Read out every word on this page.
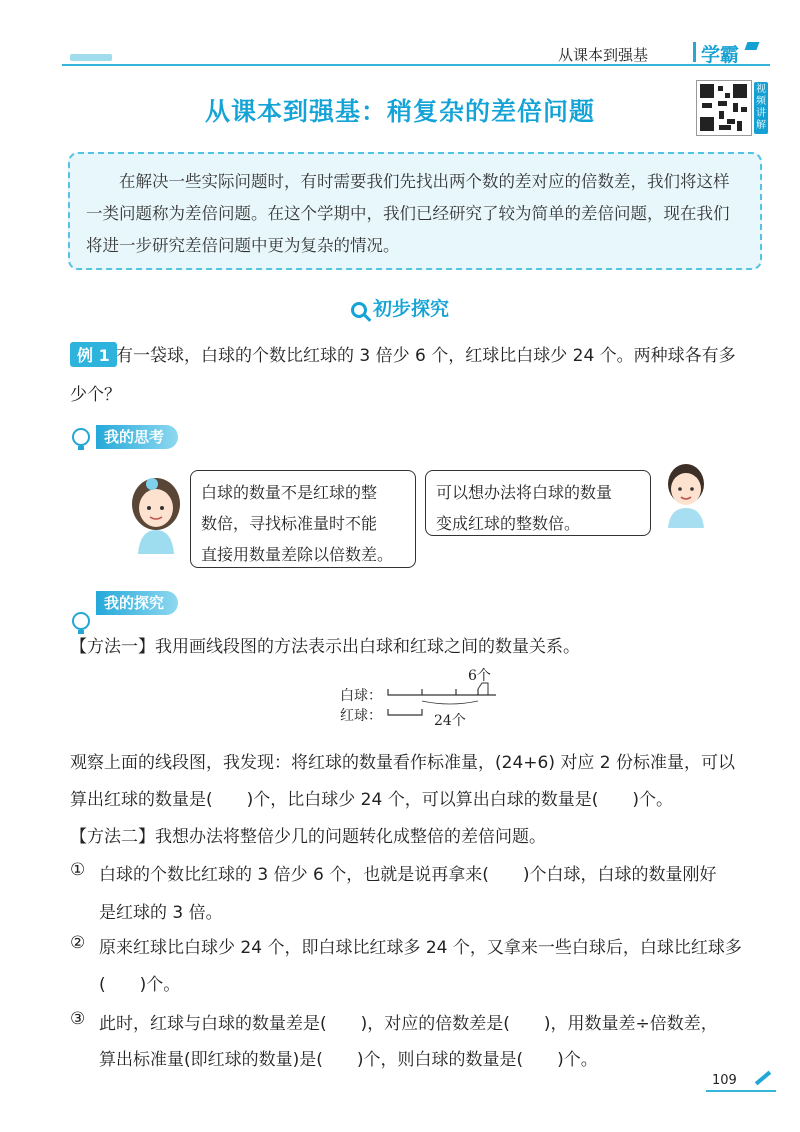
从课本到强基	学霸
从课本到强基：稍复杂的差倍问题
视频讲解

在解决一些实际问题时，有时需要我们先找出两个数的差对应的倍数差，我们将这样一类问题称为差倍问题。在这个学期中，我们已经研究了较为简单的差倍问题，现在我们将进一步研究差倍问题中更为复杂的情况。

初步探究
例 1 有一袋球，白球的个数比红球的 3 倍少 6 个，红球比白球少 24 个。两种球各有多
少个？
我的思考

白球的数量不是红球的整
数倍，寻找标准量时不能
直接用数量差除以倍数差。

可以想办法将白球的数量
变成红球的整数倍。

我的探究
【方法一】我用画线段图的方法表示出白球和红球之间的数量关系。
白球：
红球：
6个
24个
观察上面的线段图，我发现：将红球的数量看作标准量，(24+6) 对应 2 份标准量，可以
算出红球的数量是(　　)个，比白球少 24 个，可以算出白球的数量是(　　)个。
【方法二】我想办法将整倍少几的问题转化成整倍的差倍问题。
① 白球的个数比红球的 3 倍少 6 个，也就是说再拿来(　　)个白球，白球的数量刚好
是红球的 3 倍。
② 原来红球比白球少 24 个，即白球比红球多 24 个，又拿来一些白球后，白球比红球多
(　　)个。
③ 此时，红球与白球的数量差是(　　)，对应的倍数差是(　　)，用数量差÷倍数差，
算出标准量(即红球的数量)是(　　)个，则白球的数量是(　　)个。
109
